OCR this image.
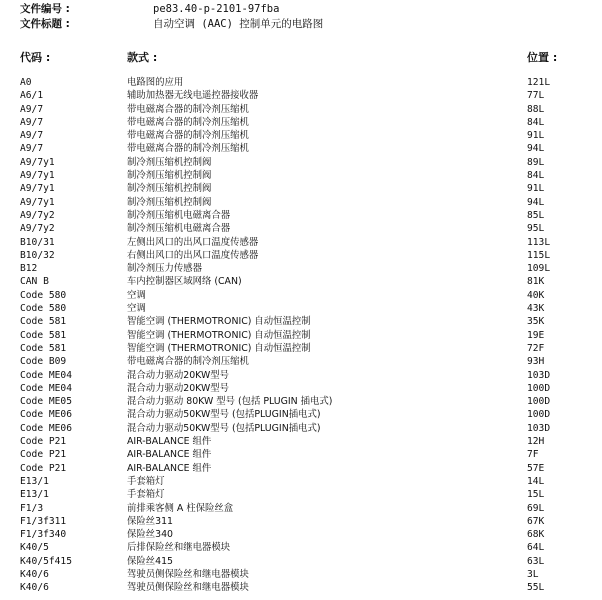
文件编号 :	pe83.40-p-2101-97fba
文件标题 :	自动空调 (AAC) 控制单元的电路图
代码 :	款式 :	位置 :
A0	电路图的应用	121L
A6/1	辅助加热器无线电遥控器接收器	77L
A9/7	带电磁离合器的制冷剂压缩机	88L
A9/7	带电磁离合器的制冷剂压缩机	84L
A9/7	带电磁离合器的制冷剂压缩机	91L
A9/7	带电磁离合器的制冷剂压缩机	94L
A9/7y1	制冷剂压缩机控制阀	89L
A9/7y1	制冷剂压缩机控制阀	84L
A9/7y1	制冷剂压缩机控制阀	91L
A9/7y1	制冷剂压缩机控制阀	94L
A9/7y2	制冷剂压缩机电磁离合器	85L
A9/7y2	制冷剂压缩机电磁离合器	95L
B10/31	左侧出风口的出风口温度传感器	113L
B10/32	右侧出风口的出风口温度传感器	115L
B12	制冷剂压力传感器	109L
CAN B	车内控制器区域网络 (CAN)	81K
Code 580	空调	40K
Code 580	空调	43K
Code 581	智能空调 (THERMOTRONIC) 自动恒温控制	35K
Code 581	智能空调 (THERMOTRONIC) 自动恒温控制	19E
Code 581	智能空调 (THERMOTRONIC) 自动恒温控制	72F
Code B09	带电磁离合器的制冷剂压缩机	93H
Code ME04	混合动力驱动20KW型号	103D
Code ME04	混合动力驱动20KW型号	100D
Code ME05	混合动力驱动 80KW 型号 (包括 PLUGIN 插电式)	100D
Code ME06	混合动力驱动50KW型号 (包括PLUGIN插电式)	100D
Code ME06	混合动力驱动50KW型号 (包括PLUGIN插电式)	103D
Code P21	AIR-BALANCE 组件	12H
Code P21	AIR-BALANCE 组件	7F
Code P21	AIR-BALANCE 组件	57E
E13/1	手套箱灯	14L
E13/1	手套箱灯	15L
F1/3	前排乘客侧 A 柱保险丝盒	69L
F1/3f311	保险丝311	67K
F1/3f340	保险丝340	68K
K40/5	后排保险丝和继电器模块	64L
K40/5f415	保险丝415	63L
K40/6	驾驶员侧保险丝和继电器模块	3L
K40/6	驾驶员侧保险丝和继电器模块	55L
